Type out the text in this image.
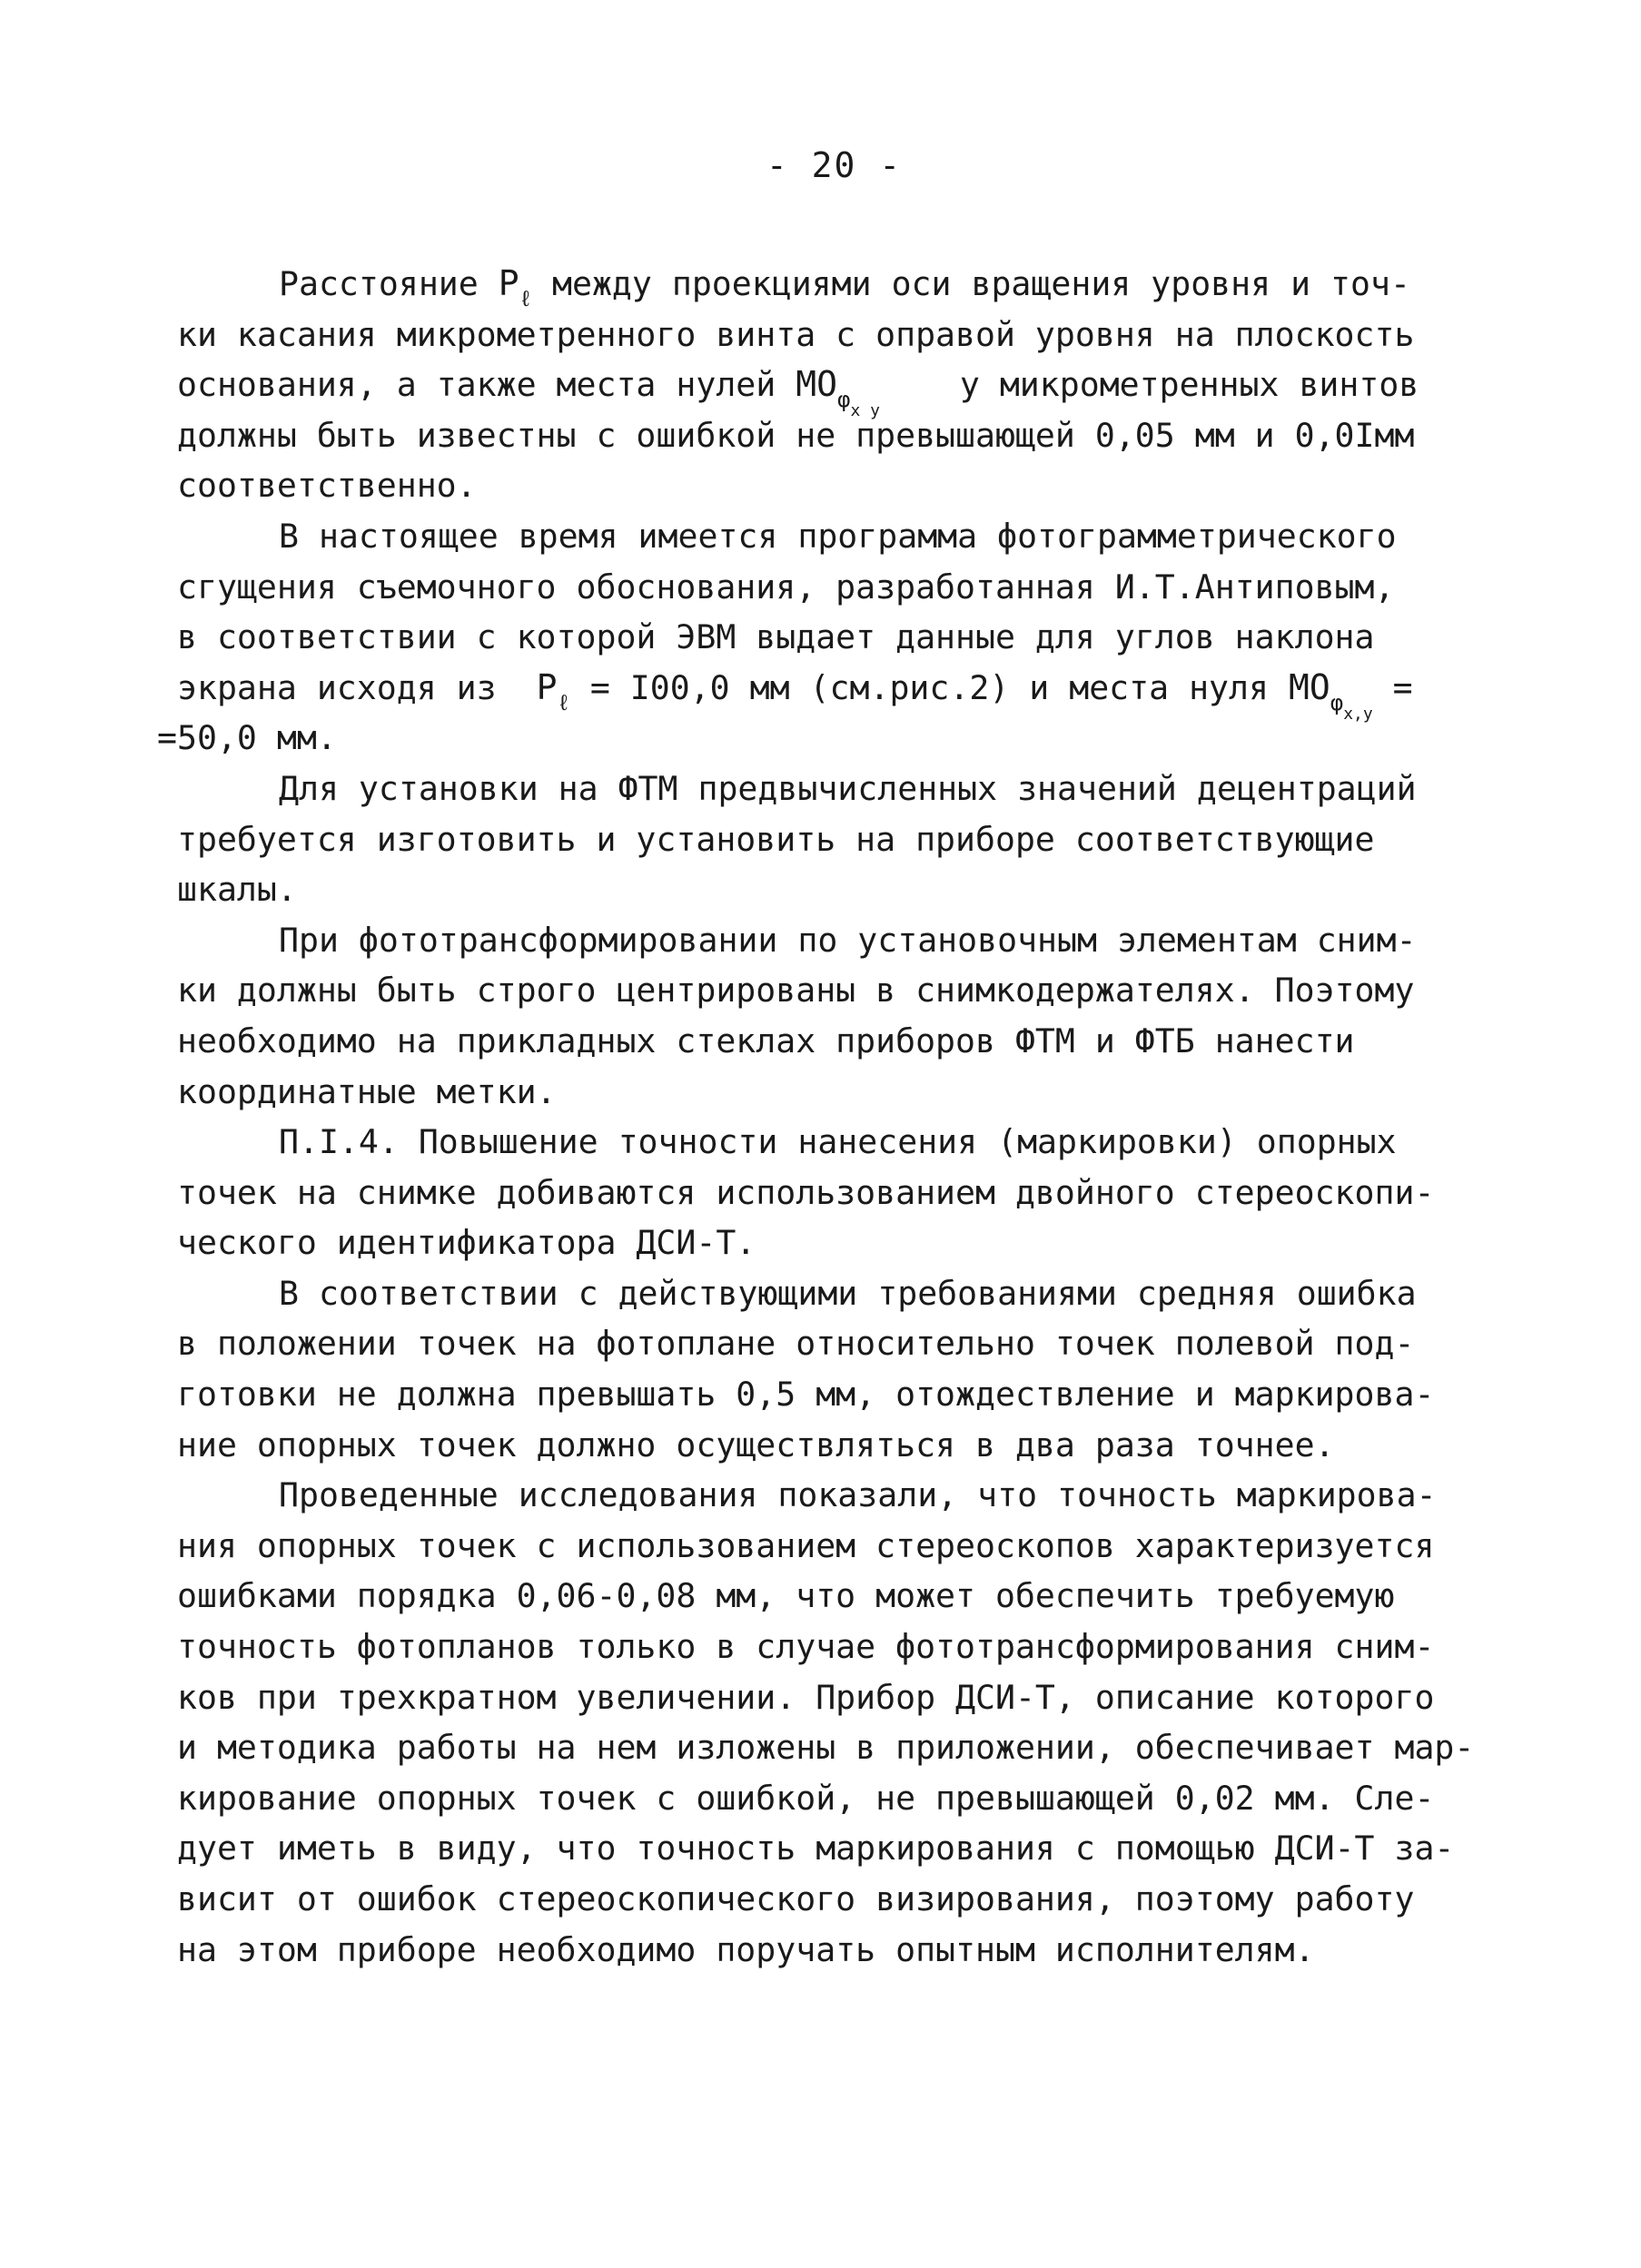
- 20 -
Расстояние $P_\ell$ между проекциями оси вращения уровня и точ-
ки касания микрометренного винта с оправой уровня на плоскость
основания, а также места нулей $MO_{\varphi x y}$    у микрометренных винтов
должны быть известны с ошибкой не превышающей 0,05 мм и 0,0Iмм
соответственно.
В настоящее время имеется программа фотограмметрического
сгущения съемочного обоснования, разработанная И.Т.Антиповым,
в соответствии с которой ЭВМ выдает данные для углов наклона
экрана исходя из  $P_\ell = I00,0$ мм (см.рис.2) и места нуля $MO_{\varphi x,y}$ =
=50,0 мм.
Для установки на ФТМ предвычисленных значений децентраций
требуется изготовить и установить на приборе соответствующие
шкалы.
При фототрансформировании по установочным элементам сним-
ки должны быть строго центрированы в снимкодержателях. Поэтому
необходимо на прикладных стеклах приборов ФТМ и ФТБ нанести
координатные метки.
П.I.4. Повышение точности нанесения (маркировки) опорных
точек на снимке добиваются использованием двойного стереоскопи-
ческого идентификатора ДСИ-Т.
В соответствии с действующими требованиями средняя ошибка
в положении точек на фотоплане относительно точек полевой под-
готовки не должна превышать 0,5 мм, отождествление и маркирова-
ние опорных точек должно осуществляться в два раза точнее.
Проведенные исследования показали, что точность маркирова-
ния опорных точек с использованием стереоскопов характеризуется
ошибками порядка 0,06-0,08 мм, что может обеспечить требуемую
точность фотопланов только в случае фототрансформирования сним-
ков при трехкратном увеличении. Прибор ДСИ-Т, описание которого
и методика работы на нем изложены в приложении, обеспечивает мар-
кирование опорных точек с ошибкой, не превышающей 0,02 мм. Сле-
дует иметь в виду, что точность маркирования с помощью ДСИ-Т за-
висит от ошибок стереоскопического визирования, поэтому работу
на этом приборе необходимо поручать опытным исполнителям.
